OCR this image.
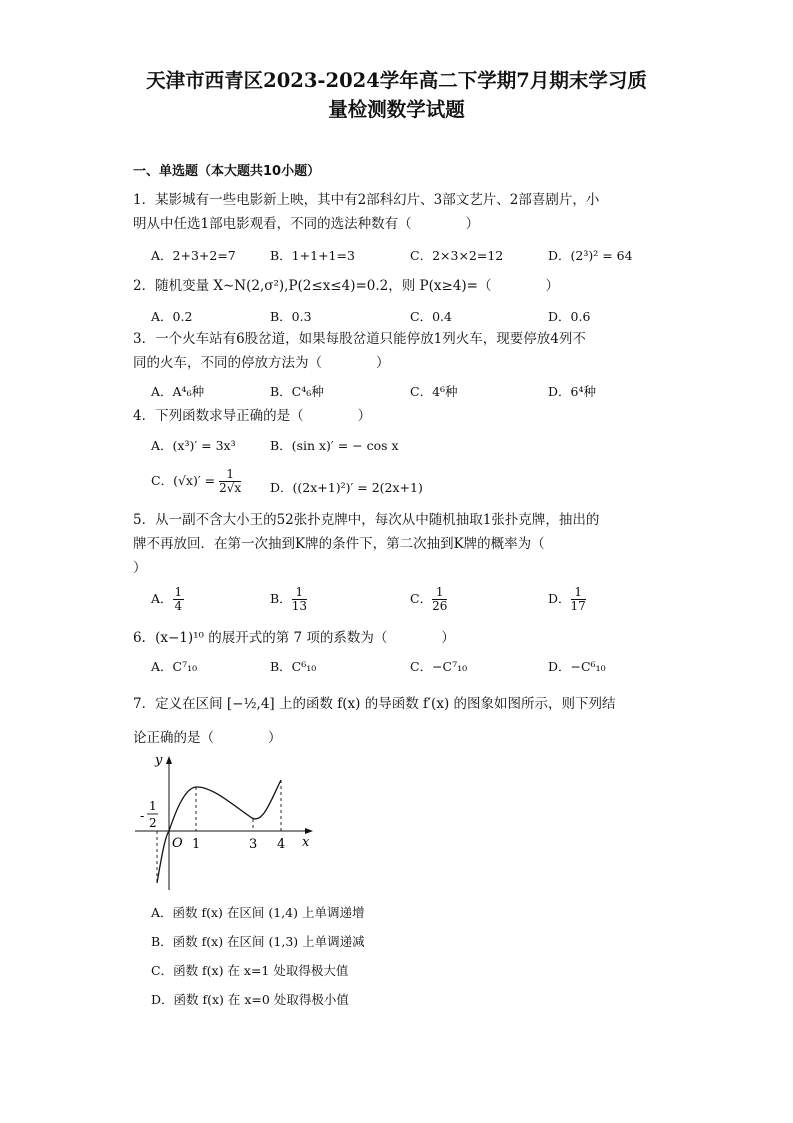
天津市西青区2023-2024学年高二下学期7月期末学习质
量检测数学试题
一、单选题（本大题共10小题）
1．某影城有一些电影新上映，其中有2部科幻片、3部文艺片、2部喜剧片，小
明从中任选1部电影观看，不同的选法种数有（　　　　）
A．2+3+2=7	B．1+1+1=3	C．2×3×2=12	D．(2³)² = 64
2．随机变量 X∼N(2,σ²),P(2≤x≤4)=0.2，则 P(x≥4)=（　　　　）
A．0.2	B．0.3	C．0.4	D．0.6
3．一个火车站有6股岔道，如果每股岔道只能停放1列火车，现要停放4列不
同的火车，不同的停放方法为（　　　　）
A．A⁴₆种	B．C⁴₆种	C．4⁶种	D．6⁴种
4．下列函数求导正确的是（　　　　）
A．(x³)′ = 3x³	B．(sin x)′ = − cos x
C．$(√x)' = \frac{1}{2√x}$ D．((2x+1)²)′ = 2(2x+1)
5．从一副不含大小王的52张扑克牌中，每次从中随机抽取1张扑克牌，抽出的
牌不再放回．在第一次抽到K牌的条件下，第二次抽到K牌的概率为（
）
A． $\frac{1}{4}$	B． $\frac{1}{13}$	C． $\frac{1}{26}$	D． $\frac{1}{17}$
6．(x−1)¹⁰ 的展开式的第 7 项的系数为（　　　　）
A．C⁷₁₀	B．C⁶₁₀	C．−C⁷₁₀	D．−C⁶₁₀
7．定义在区间 [−½,4] 上的函数 f(x) 的导函数 f′(x) 的图象如图所示，则下列结
论正确的是（　　　　）
y
x
O 1	3 4
-
1
2
A．函数 f(x) 在区间 (1,4) 上单调递增
B．函数 f(x) 在区间 (1,3) 上单调递减
C．函数 f(x) 在 x=1 处取得极大值
D．函数 f(x) 在 x=0 处取得极小值
